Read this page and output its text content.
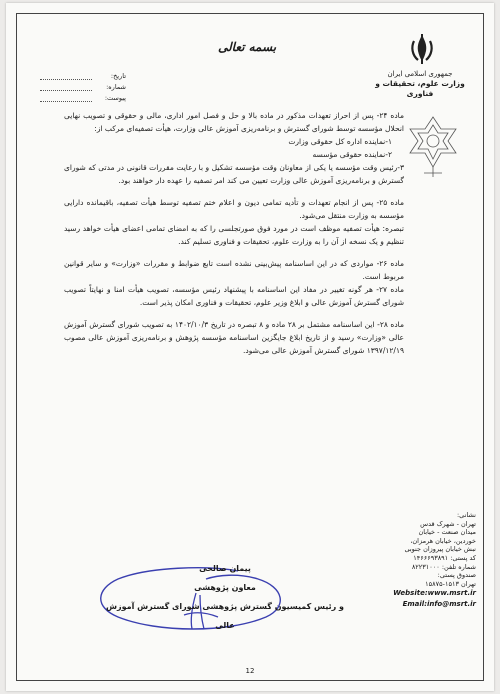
بسمه تعالی
جمهوری اسلامی ایران
وزارت علوم، تحقیقات و فناوری
تاریخ:
شماره:
پیوست:

ماده ۲۴- پس از احراز تعهدات مذکور در ماده بالا و حل و فصل امور اداری، مالی و حقوقی و تصویب نهایی انحلال مؤسسه توسط شورای گسترش و برنامه‌ریزی آموزش عالی وزارت، هیأت تصفیه‌ای مرکب از:

۱-نماینده اداره کل حقوقی وزارت

۲-نماینده حقوقی مؤسسه

۳-رئیس وقت مؤسسه یا یکی از معاونان وقت مؤسسه تشکیل و با رعایت مقررات قانونی در مدتی که شورای گسترش و برنامه‌ریزی آموزش عالی وزارت تعیین می کند امر تصفیه را عهده دار خواهند بود.

ماده ۲۵- پس از انجام تعهدات و تأدیه تمامی دیون و اعلام ختم تصفیه توسط هیأت تصفیه، باقیمانده دارایی مؤسسه به وزارت منتقل می‌شود.

تبصره: هیأت تصفیه موظف است در مورد فوق صورتجلسی را که به امضای تمامی اعضای هیأت خواهد رسید تنظیم و یک نسخه از آن را به وزارت علوم، تحقیقات و فناوری تسلیم کند.

ماده ۲۶- مواردی که در این اساسنامه پیش‌بینی نشده است تابع ضوابط و مقررات «وزارت» و سایر قوانین مربوط است.

ماده ۲۷- هر گونه تغییر در مفاد این اساسنامه با پیشنهاد رئیس مؤسسه، تصویب هیأت امنا و نهایتاً تصویب شورای گسترش آموزش عالی و ابلاغ وزیر علوم، تحقیقات و فناوری امکان پذیر است.

ماده ۲۸- این اساسنامه مشتمل بر ۲۸ ماده و ۸ تبصره در تاریخ ۱۴۰۲/۱۰/۳ به تصویب شورای گسترش آموزش عالی «وزارت» رسید و از تاریخ ابلاغ جایگزین اساسنامه مؤسسه پژوهش و برنامه‌ریزی آموزش عالی مصوب ۱۳۹۷/۱۲/۱۹ شورای گسترش آموزش عالی می‌شود.

پیمان صالحی
معاون پژوهشی
و رئیس کمیسیون گسترش پژوهشی شورای گسترش آموزش عالی
نشانی:
تهران - شهرک قدس
میدان صنعت - خیابان
خوردین، خیابان هرمزان،
نبش خیابان پیروزان جنوبی
کد پستی: ۱۴۶۶۶۹۳۸۹۱
شماره تلفن: ۸۲۲۳۱۰۰۰
صندوق پستی:
تهران ۱۵۱۳-۱۵۸۷۵
Website:www.msrt.ir
Email:info@msrt.ir
12
